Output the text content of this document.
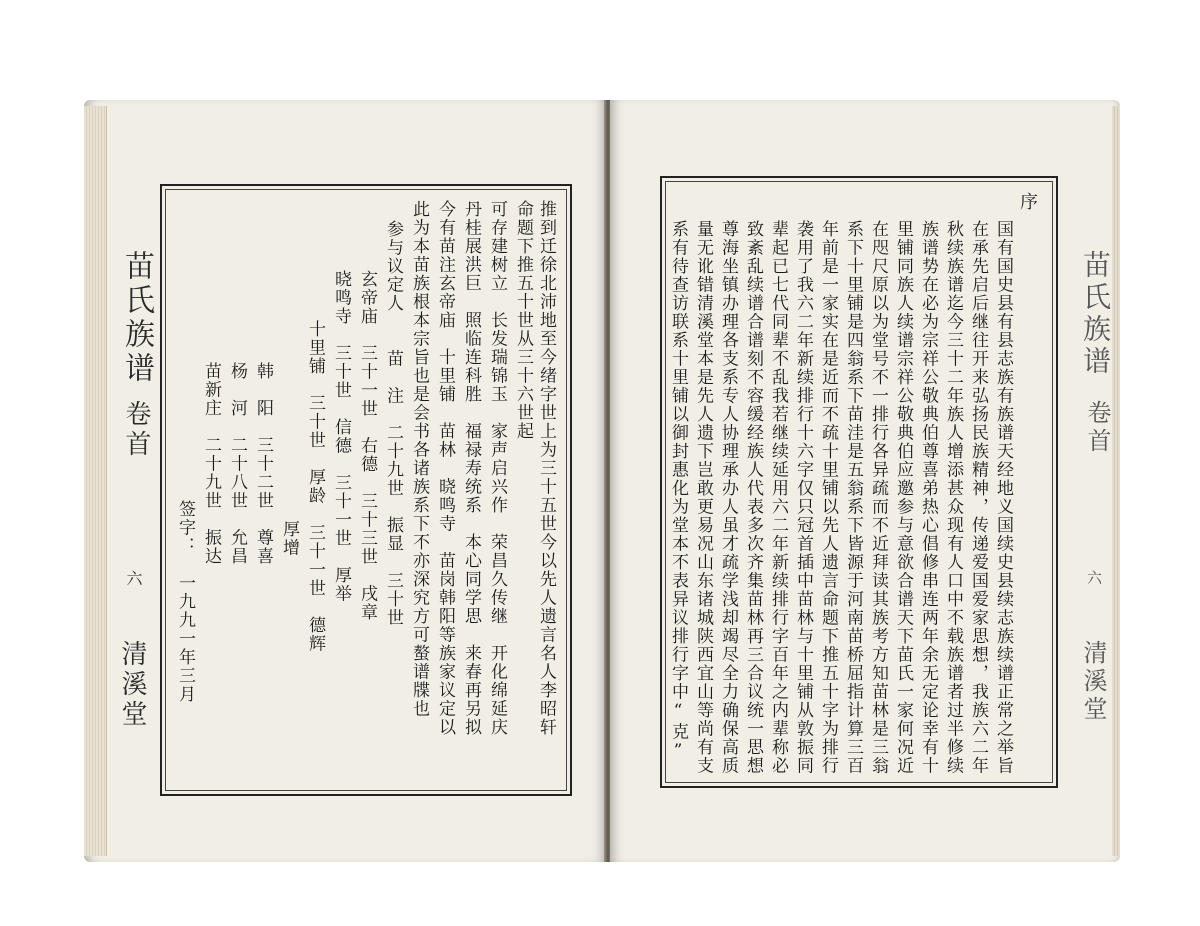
苗氏族谱
卷首
六
清溪堂	推到迁徐北沛地至今绪字世上为三十五世今以先人遗言名人李昭轩
命题下推五十世从三十六世起
可存建树立　长发瑞锦玉　家声启兴作　荣昌久传继　开化绵延庆
丹桂展洪巨　照临连科胜　福禄寿统系　本心同学思　来春再另拟
今有苗注玄帝庙　十里铺　苗林　晓鸣寺　苗岗韩阳等族家议定以
此为本苗族根本宗旨也是会书各诸族系下不亦深究方可螯谱牒也
参与议定人　　苗　注　二十九世　振显　三十世
玄帝庙　三十一世　右德　三十三世　戌章
晓鸣寺　三十世　信德　三十一世　厚举
十里铺　三十世　厚龄　三十一世　德辉
厚增
韩　阳　三十二世　尊喜
杨　河　二十八世　允昌
苗新庄　二十九世　振达
签字：　一九九一年三月
序
国有国史县有县志族有族谱天经地义国续史县续志族续谱正常之举旨
在承先启后继往开来弘扬民族精神，传递爱国爱家思想，我族六二年
秋续族谱迄今三十二年族人增添甚众现有人口中不载族谱者过半修续
族谱势在必为宗祥公敬典伯尊喜弟热心倡修串连两年余无定论幸有十
里铺同族人续谱宗祥公敬典伯应邀参与意欲合谱天下苗氏一家何况近
在咫尺原以为堂号不一排行各异疏而不近拜读其族考方知苗林是三翁
系下十里铺是四翁系下苗洼是五翁系下皆源于河南苗桥屈指计算三百
年前是一家实在是近而不疏十里铺以先人遗言命题下推五十字为排行
袭用了我六二年新续排行十六字仅只冠首插中苗林与十里铺从敦振同
辈起已七代同辈不乱我若继续延用六二年新续排行字百年之内辈称必
致紊乱续谱合谱刻不容缓经族人代表多次齐集苗林再三合议统一思想
尊海坐镇办理各支系专人协理承办人虽才疏学浅却竭尽全力确保高质
量无讹错清溪堂本是先人遗下岂敢更易况山东诸城陕西宜山等尚有支
系有待查访联系十里铺以御封惠化为堂本不表异议排行字中“克”	苗氏族谱
卷首
六
清溪堂
